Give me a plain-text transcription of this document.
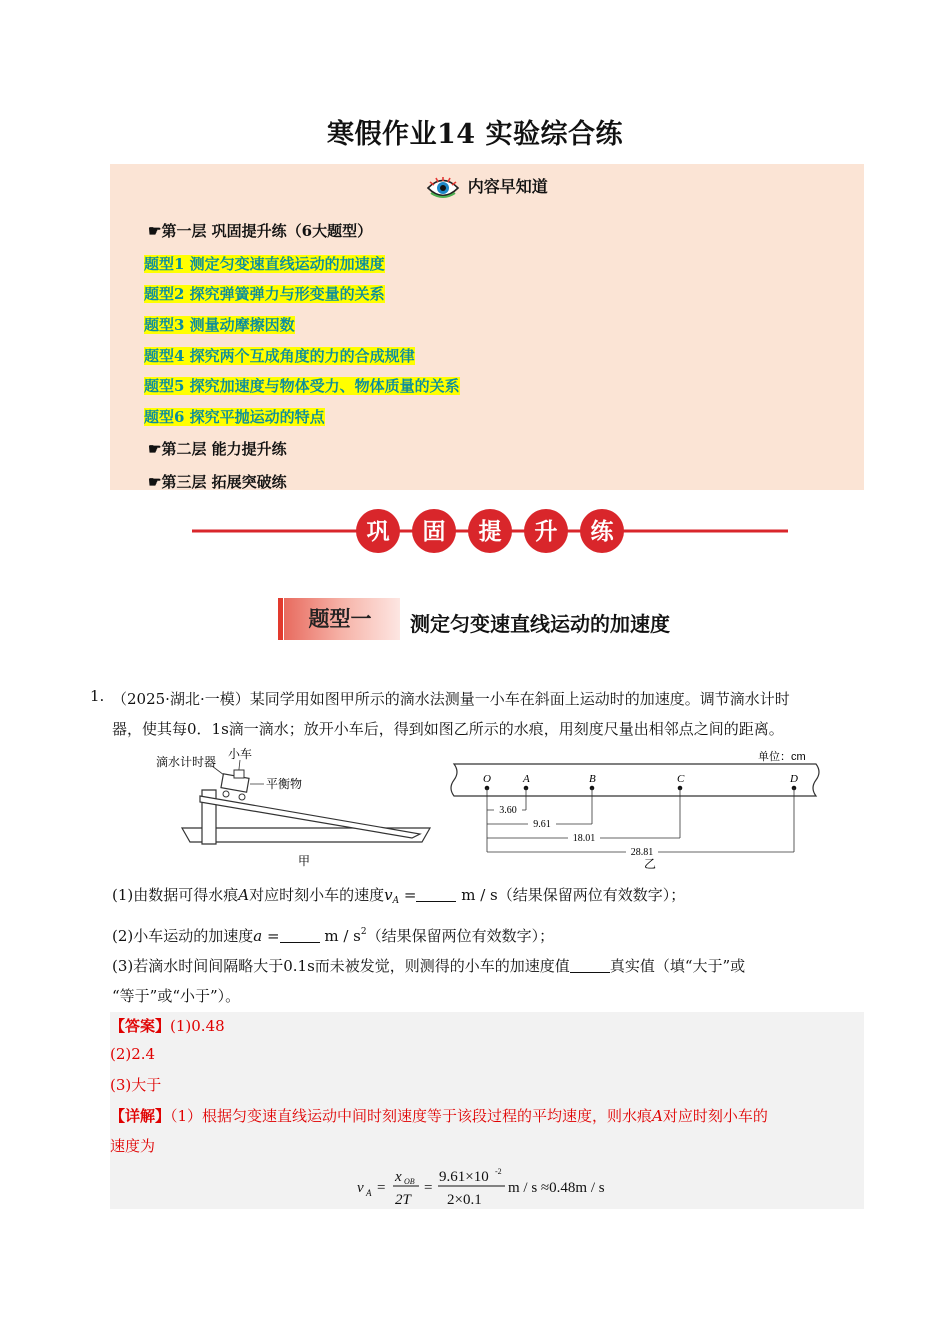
寒假作业14 实验综合练
内容早知道
☛第一层 巩固提升练（6大题型）
题型1 测定匀变速直线运动的加速度
题型2 探究弹簧弹力与形变量的关系
题型3 测量动摩擦因数
题型4 探究两个互成角度的力的合成规律
题型5 探究加速度与物体受力、物体质量的关系
题型6 探究平抛运动的特点
☛第二层 能力提升练
☛第三层 拓展突破练
巩 固 提 升 练
题型一 测定匀变速直线运动的加速度
1. （2025·湖北·一模）某同学用如图甲所示的滴水法测量一小车在斜面上运动时的加速度。调节滴水计时
器，使其每0．1s滴一滴水；放开小车后，得到如图乙所示的水痕，用刻度尺量出相邻点之间的距离。
滴水计时器
小车
平衡物
甲
单位：cm
O	A	B	C	D
3.60
9.61
18.01
28.81
乙
(1)由数据可得水痕A对应时刻小车的速度$v_A$ =	m / s（结果保留两位有效数字）；
(2)小车运动的加速度a =	m / $s^2$（结果保留两位有效数字）；
(3)若滴水时间间隔略大于0.1s而未被发觉，则测得的小车的加速度值	真实值（填“大于”或
“等于”或“小于”）。
【答案】(1)0.48
(2)2.4
(3)大于
【详解】（1）根据匀变速直线运动中间时刻速度等于该段过程的平均速度，则水痕A对应时刻小车的
速度为
v A =
x OB
2T
=
9.61×10 -2
2×0.1
m / s ≈0.48m / s
